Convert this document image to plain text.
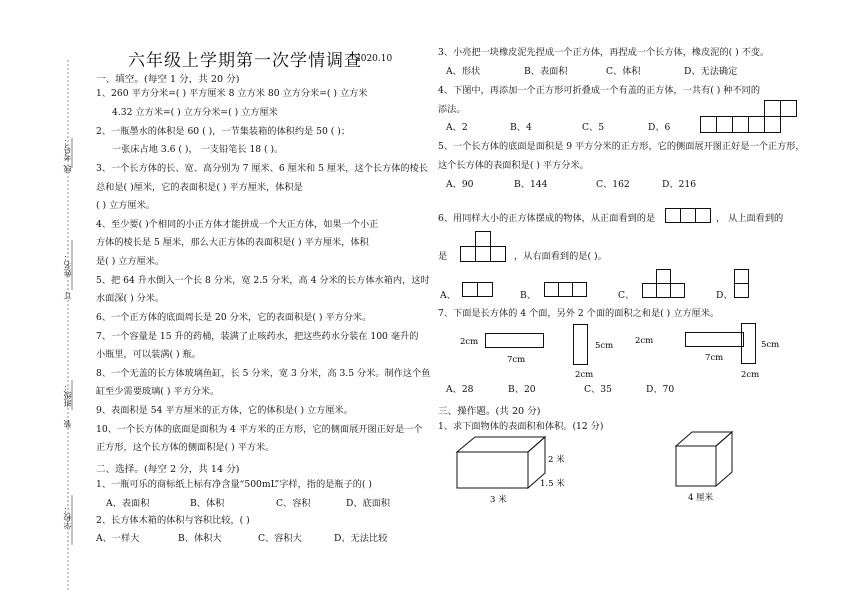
考号：
线
姓名：
订
班级：
装
学校：
六年级上学期第一次学情调查
2020.10
一、填空。(每空 1 分，共 20 分)
1、260 平方分米=( ) 平方厘米 8 立方米 80 立方分米=( ) 立方米
4.32 立方米=( ) 立方分米=( ) 立方厘米
2、一瓶墨水的体积是 60 ( )，一节集装箱的体积约是 50 ( )；
一张床占地 3.6 ( )， 一支铅笔长 18 ( )。
3、一个长方体的长、宽、高分别为 7 厘米、6 厘米和 5 厘米，这个长方体的棱长
总和是( )厘米，它的表面积是( ) 平方厘米，体积是
( ) 立方厘米。
4、至少要( )个相同的小正方体才能拼成一个大正方体，如果一个小正
方体的棱长是 5 厘米，那么大正方体的表面积是( ) 平方厘米，体积
是( ) 立方厘米。
5、把 64 升水倒入一个长 8 分米，宽 2.5 分米，高 4 分米的长方体水箱内，这时
水面深( ) 分米。
6、一个正方体的底面周长是 20 分米，它的表面积是( ) 平方分米。
7、一个容量是 15 升的药桶，装满了止咳药水，把这些药水分装在 100 毫升的
小瓶里，可以装满( ) 瓶。
8、一个无盖的长方体玻璃鱼缸，长 5 分米，宽 3 分米，高 3.5 分米。制作这个鱼
缸至少需要玻璃( ) 平方分米。
9、表面积是 54 平方厘米的正方体，它的体积是( ) 立方厘米。
10、一个长方体的底面是面积为 4 平方米的正方形，它的侧面展开图正好是一个
正方形，这个长方体的侧面积是( ) 平方米。
二、选择。(每空 2 分，共 14 分)
1、一瓶可乐的商标纸上标有净含量“500mL”字样，指的是瓶子的( )
A、表面积	B、体积	C、容积	D、底面积
2、长方体木箱的体积与容积比较，( )
A、一样大	B、体积大	C、容积大	D、无法比较
3、小亮把一块橡皮泥先捏成一个正方体，再捏成一个长方体，橡皮泥的( ) 不变。
A、形状	B、表面积	C、体积	D、无法确定
4、下图中，再添加一个正方形可折叠成一个有盖的正方体，一共有( ) 种不同的
添法。
A、2	B、4	C、5	D、6
5、一个长方体的底面是面积是 9 平方分米的正方形，它的侧面展开图正好是一个正方形，
这个长方体的表面积是( ) 平方分米。
A、90	B、144	C、162	D、216
6、用同样大小的正方体摆成的物体，从正面看到的是	， 从上面看到的
是	，从右面看到的是( )。
A、	B、	C、	D、
7、下面是长方体的 4 个面，另外 2 个面的面积之和是( ) 立方厘米。
2cm
7cm
5cm
2cm
2cm
7cm
5cm
2cm
A、28	B、20	C、35	D、70
三、操作题。(共 20 分)
1、求下面物体的表面积和体积。(12 分)
2 米
1.5 米
3 米	4 厘米
